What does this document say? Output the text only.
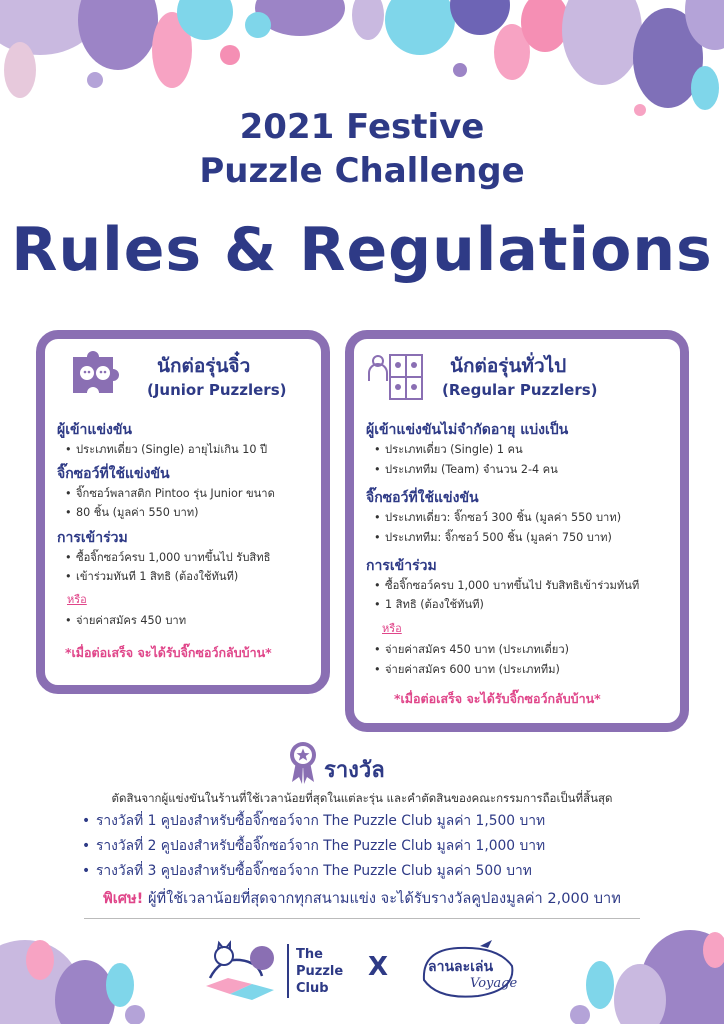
2021 Festive
Puzzle Challenge
Rules & Regulations
นักต่อรุ่นจิ๋ว
(Junior Puzzlers)
ผู้เข้าแข่งขัน
• ประเภทเดี่ยว (Single) อายุไม่เกิน 10 ปี
จิ๊กซอว์ที่ใช้แข่งขัน
• จิ๊กซอว์พลาสติก Pintoo รุ่น Junior ขนาด
• 80 ชิ้น (มูลค่า 550 บาท)
การเข้าร่วม
• ซื้อจิ๊กซอว์ครบ 1,000 บาทขึ้นไป รับสิทธิ
• เข้าร่วมทันที 1 สิทธิ (ต้องใช้ทันที)
หรือ
• จ่ายค่าสมัคร 450 บาท
*เมื่อต่อเสร็จ จะได้รับจิ๊กซอว์กลับบ้าน*
นักต่อรุ่นทั่วไป
(Regular Puzzlers)
ผู้เข้าแข่งขันไม่จำกัดอายุ แบ่งเป็น
• ประเภทเดี่ยว (Single) 1 คน
• ประเภททีม (Team) จำนวน 2-4 คน
จิ๊กซอว์ที่ใช้แข่งขัน
• ประเภทเดี่ยว: จิ๊กซอว์ 300 ชิ้น (มูลค่า 550 บาท)
• ประเภททีม: จิ๊กซอว์ 500 ชิ้น (มูลค่า 750 บาท)
การเข้าร่วม
• ซื้อจิ๊กซอว์ครบ 1,000 บาทขึ้นไป รับสิทธิเข้าร่วมทันที
• 1 สิทธิ (ต้องใช้ทันที)
หรือ
• จ่ายค่าสมัคร 450 บาท (ประเภทเดี่ยว)
• จ่ายค่าสมัคร 600 บาท (ประเภททีม)
*เมื่อต่อเสร็จ จะได้รับจิ๊กซอว์กลับบ้าน*
รางวัล
ตัดสินจากผู้แข่งขันในร้านที่ใช้เวลาน้อยที่สุดในแต่ละรุ่น และคำตัดสินของคณะกรรมการถือเป็นที่สิ้นสุด
• รางวัลที่ 1 คูปองสำหรับซื้อจิ๊กซอว์จาก The Puzzle Club มูลค่า 1,500 บาท
• รางวัลที่ 2 คูปองสำหรับซื้อจิ๊กซอว์จาก The Puzzle Club มูลค่า 1,000 บาท
• รางวัลที่ 3 คูปองสำหรับซื้อจิ๊กซอว์จาก The Puzzle Club มูลค่า 500 บาท
พิเศษ! ผู้ที่ใช้เวลาน้อยที่สุดจากทุกสนามแข่ง จะได้รับรางวัลคูปองมูลค่า 2,000 บาท
The
Puzzle
Club
X	ลานละเล่น
Voyage
